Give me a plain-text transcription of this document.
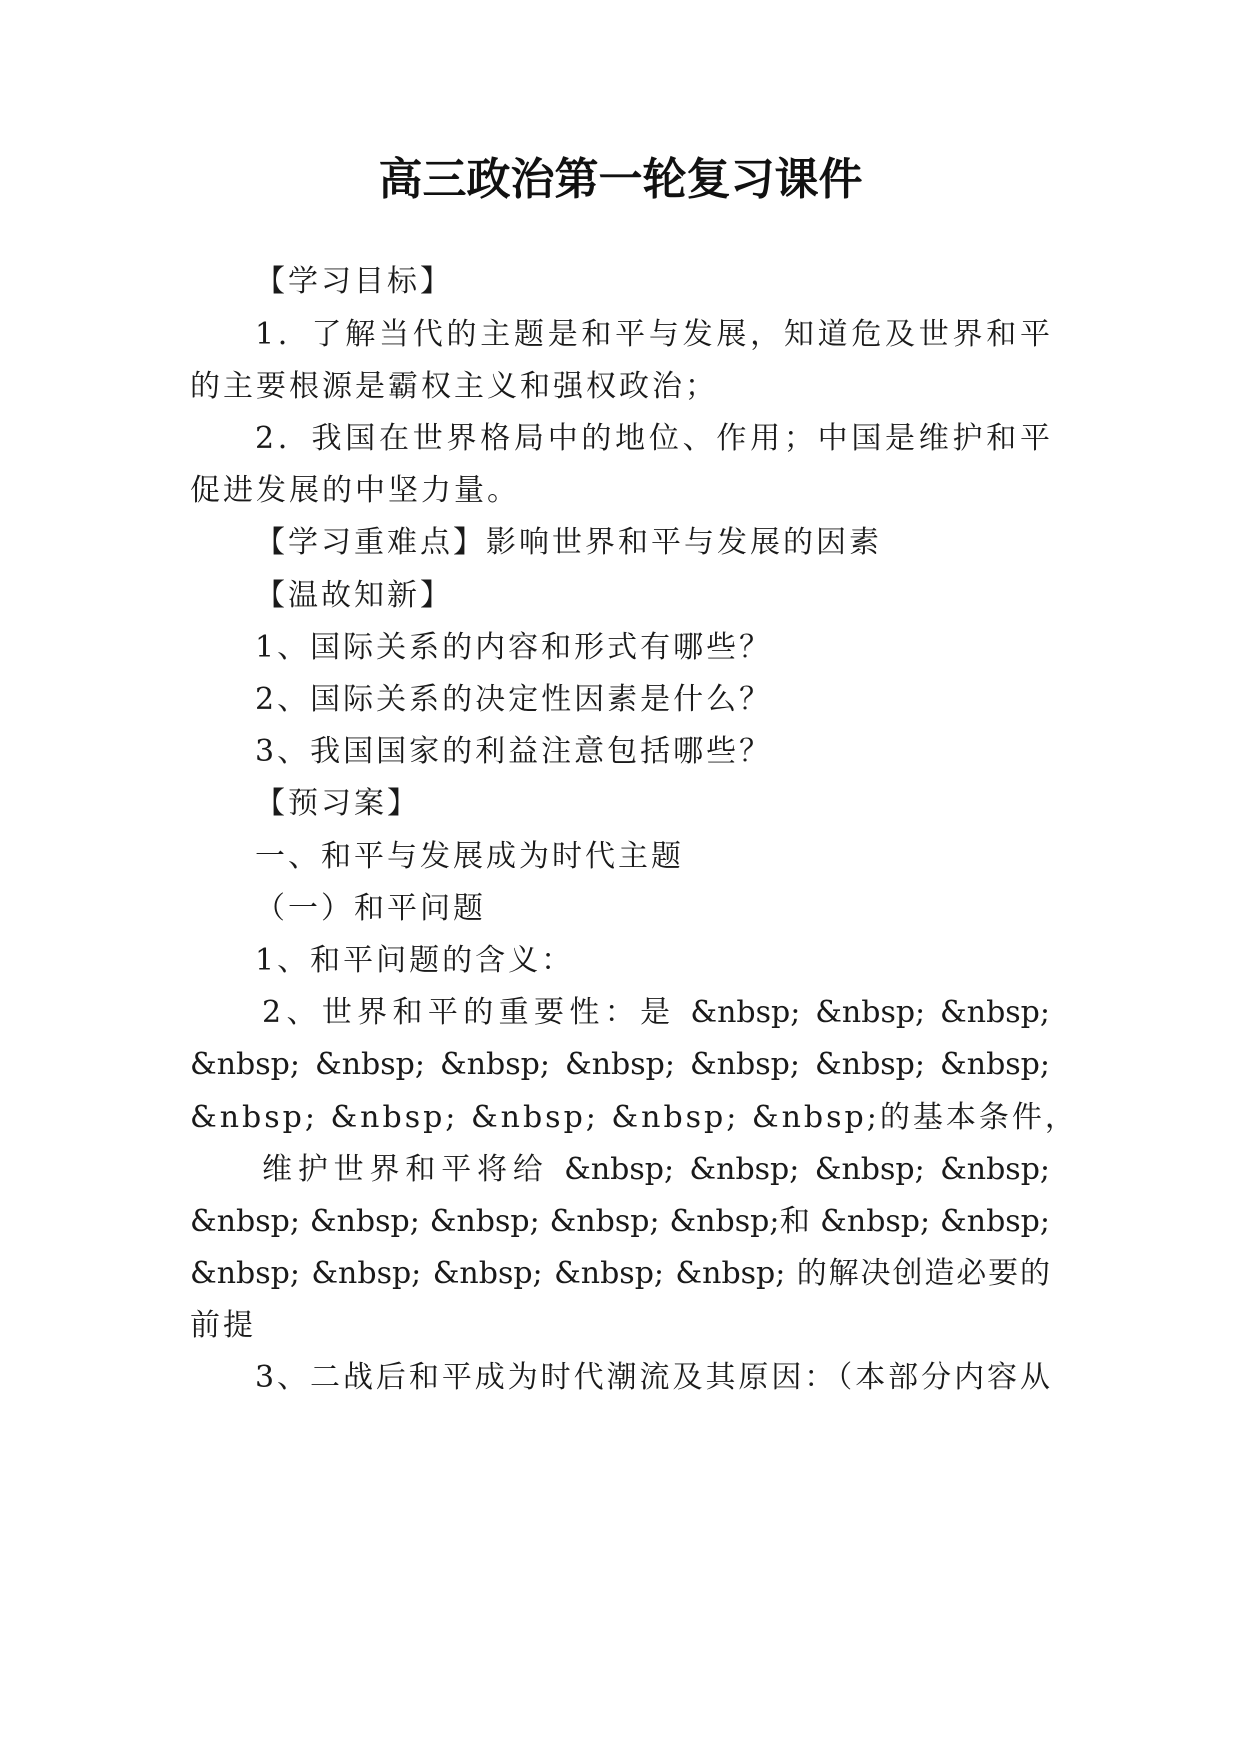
高三政治第一轮复习课件
【学习目标】
1．了解当代的主题是和平与发展，知道危及世界和平
的主要根源是霸权主义和强权政治；
2．我国在世界格局中的地位、作用；中国是维护和平
促进发展的中坚力量。
【学习重难点】影响世界和平与发展的因素
【温故知新】
1、国际关系的内容和形式有哪些？
2、国际关系的决定性因素是什么？
3、我国国家的利益注意包括哪些？
【预习案】
一、和平与发展成为时代主题
（一）和平问题
1、和平问题的含义：
2、世界和平的重要性：是 &nbsp; &nbsp; &nbsp;
&nbsp; &nbsp; &nbsp; &nbsp; &nbsp; &nbsp; &nbsp;
&nbsp; &nbsp; &nbsp; &nbsp; &nbsp;的基本条件，
维护世界和平将给 &nbsp; &nbsp; &nbsp; &nbsp;
&nbsp; &nbsp; &nbsp; &nbsp; &nbsp;和 &nbsp; &nbsp;
&nbsp; &nbsp; &nbsp; &nbsp; &nbsp; 的解决创造必要的
前提
3、二战后和平成为时代潮流及其原因：（本部分内容从
